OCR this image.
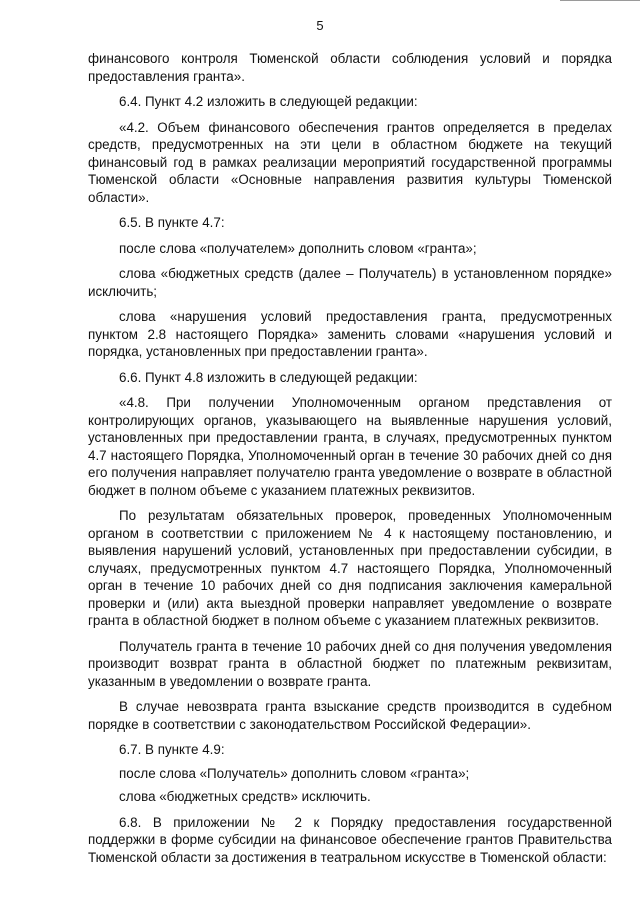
5

финансового контроля Тюменской области соблюдения условий и порядка предоставления гранта».

6.4. Пункт 4.2 изложить в следующей редакции:

«4.2. Объем финансового обеспечения грантов определяется в пределах средств, предусмотренных на эти цели в областном бюджете на текущий финансовый год в рамках реализации мероприятий государственной программы Тюменской области «Основные направления развития культуры Тюменской области».

6.5. В пункте 4.7:

после слова «получателем» дополнить словом «гранта»;

слова «бюджетных средств (далее – Получатель) в установленном порядке» исключить;

слова «нарушения условий предоставления гранта, предусмотренных пунктом 2.8 настоящего Порядка» заменить словами «нарушения условий и порядка, установленных при предоставлении гранта».

6.6. Пункт 4.8 изложить в следующей редакции:

«4.8. При получении Уполномоченным органом представления от контролирующих органов, указывающего на выявленные нарушения условий, установленных при предоставлении гранта, в случаях, предусмотренных пунктом 4.7 настоящего Порядка, Уполномоченный орган в течение 30 рабочих дней со дня его получения направляет получателю гранта уведомление о возврате в областной бюджет в полном объеме с указанием платежных реквизитов.

По результатам обязательных проверок, проведенных Уполномоченным органом в соответствии с приложением № 4 к настоящему постановлению, и выявления нарушений условий, установленных при предоставлении субсидии, в случаях, предусмотренных пунктом 4.7 настоящего Порядка, Уполномоченный орган в течение 10 рабочих дней со дня подписания заключения камеральной проверки и (или) акта выездной проверки направляет уведомление о возврате гранта в областной бюджет в полном объеме с указанием платежных реквизитов.

Получатель гранта в течение 10 рабочих дней со дня получения уведомления производит возврат гранта в областной бюджет по платежным реквизитам, указанным в уведомлении о возврате гранта.

В случае невозврата гранта взыскание средств производится в судебном порядке в соответствии с законодательством Российской Федерации».

6.7. В пункте 4.9:

после слова «Получатель» дополнить словом «гранта»;

слова «бюджетных средств» исключить.

6.8. В приложении № 2 к Порядку предоставления государственной поддержки в форме субсидии на финансовое обеспечение грантов Правительства Тюменской области за достижения в театральном искусстве в Тюменской области:
